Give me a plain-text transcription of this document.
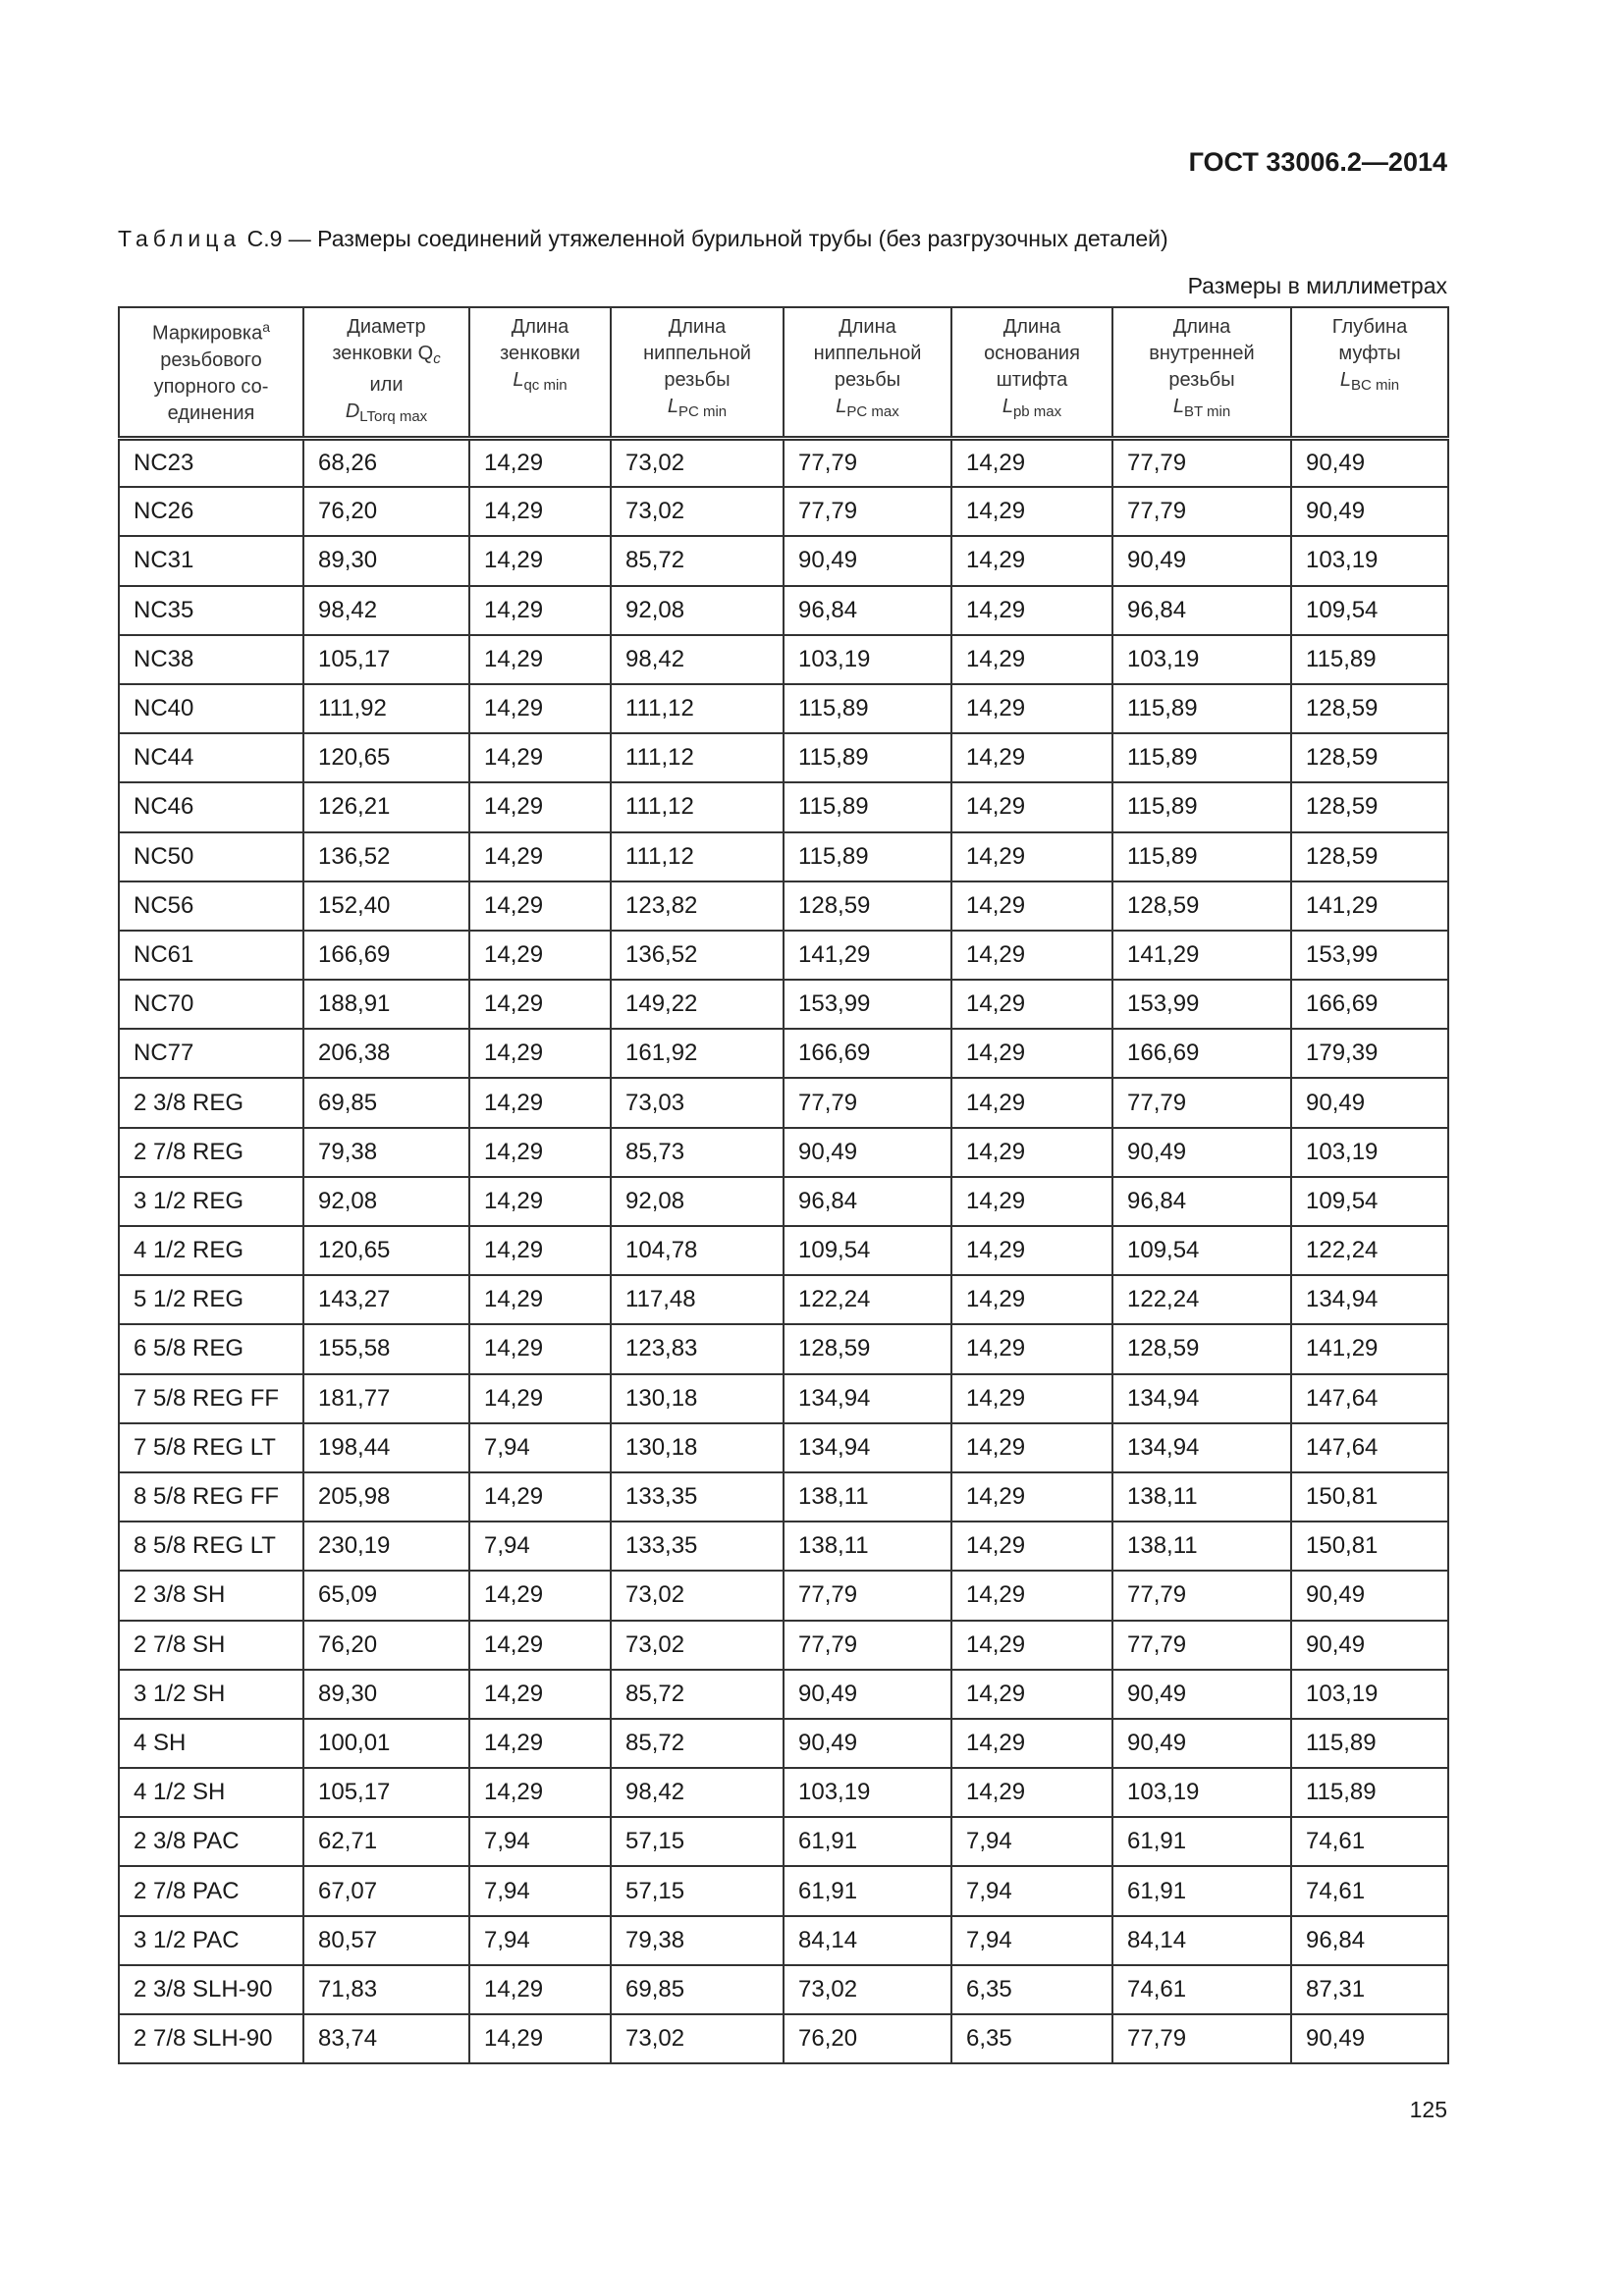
ГОСТ 33006.2—2014
Таблица С.9 — Размеры соединений утяжеленной бурильной трубы (без разгрузочных деталей)
Размеры в миллиметрах
Маркировка$^a$
резьбового
упорного со-
единения	Диаметр
зенковки $Q_c$
или
$D_{LTorq max}$	Длина
зенковки
$L_{qc min}$	Длина
ниппельной
резьбы
$L_{PC min}$	Длина
ниппельной
резьбы
$L_{PC max}$	Длина
основания
штифта
$L_{pb max}$	Длина
внутренней
резьбы
$L_{BT min}$	Глубина
муфты
$L_{BC min}$
NC23	68,26	14,29	73,02	77,79	14,29	77,79	90,49
NC26	76,20	14,29	73,02	77,79	14,29	77,79	90,49
NC31	89,30	14,29	85,72	90,49	14,29	90,49	103,19
NC35	98,42	14,29	92,08	96,84	14,29	96,84	109,54
NC38	105,17	14,29	98,42	103,19	14,29	103,19	115,89
NC40	111,92	14,29	111,12	115,89	14,29	115,89	128,59
NC44	120,65	14,29	111,12	115,89	14,29	115,89	128,59
NC46	126,21	14,29	111,12	115,89	14,29	115,89	128,59
NC50	136,52	14,29	111,12	115,89	14,29	115,89	128,59
NC56	152,40	14,29	123,82	128,59	14,29	128,59	141,29
NC61	166,69	14,29	136,52	141,29	14,29	141,29	153,99
NC70	188,91	14,29	149,22	153,99	14,29	153,99	166,69
NC77	206,38	14,29	161,92	166,69	14,29	166,69	179,39
2 3/8 REG	69,85	14,29	73,03	77,79	14,29	77,79	90,49
2 7/8 REG	79,38	14,29	85,73	90,49	14,29	90,49	103,19
3 1/2 REG	92,08	14,29	92,08	96,84	14,29	96,84	109,54
4 1/2 REG	120,65	14,29	104,78	109,54	14,29	109,54	122,24
5 1/2 REG	143,27	14,29	117,48	122,24	14,29	122,24	134,94
6 5/8 REG	155,58	14,29	123,83	128,59	14,29	128,59	141,29
7 5/8 REG FF	181,77	14,29	130,18	134,94	14,29	134,94	147,64
7 5/8 REG LT	198,44	7,94	130,18	134,94	14,29	134,94	147,64
8 5/8 REG FF	205,98	14,29	133,35	138,11	14,29	138,11	150,81
8 5/8 REG LT	230,19	7,94	133,35	138,11	14,29	138,11	150,81
2 3/8 SH	65,09	14,29	73,02	77,79	14,29	77,79	90,49
2 7/8 SH	76,20	14,29	73,02	77,79	14,29	77,79	90,49
3 1/2 SH	89,30	14,29	85,72	90,49	14,29	90,49	103,19
4 SH	100,01	14,29	85,72	90,49	14,29	90,49	115,89
4 1/2 SH	105,17	14,29	98,42	103,19	14,29	103,19	115,89
2 3/8 PAC	62,71	7,94	57,15	61,91	7,94	61,91	74,61
2 7/8 PAC	67,07	7,94	57,15	61,91	7,94	61,91	74,61
3 1/2 PAC	80,57	7,94	79,38	84,14	7,94	84,14	96,84
2 3/8 SLH-90	71,83	14,29	69,85	73,02	6,35	74,61	87,31
2 7/8 SLH-90	83,74	14,29	73,02	76,20	6,35	77,79	90,49
125
